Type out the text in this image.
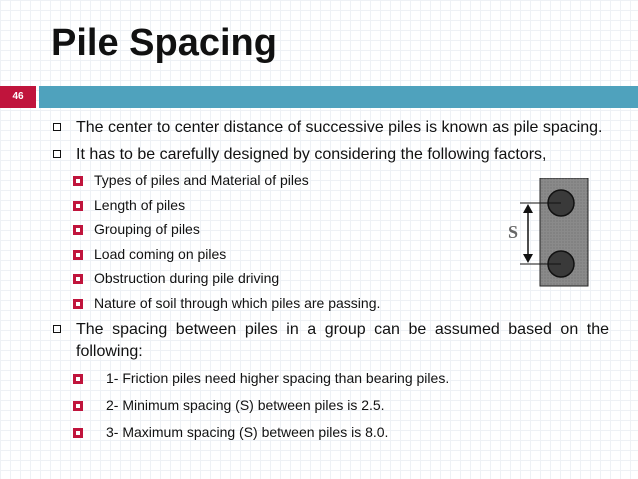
Pile Spacing
46
The center to center distance of successive piles is known as pile spacing.
It has to be carefully designed by considering the following factors,
Types of piles and Material of piles
Length of piles
Grouping of piles
Load coming on piles
Obstruction during pile driving
Nature of soil through which piles are passing.
The spacing between piles in a group can be assumed based on the following:
1- Friction piles need higher spacing than bearing piles.
2- Minimum spacing (S) between piles is 2.5.
3- Maximum spacing (S) between piles is 8.0.
S
